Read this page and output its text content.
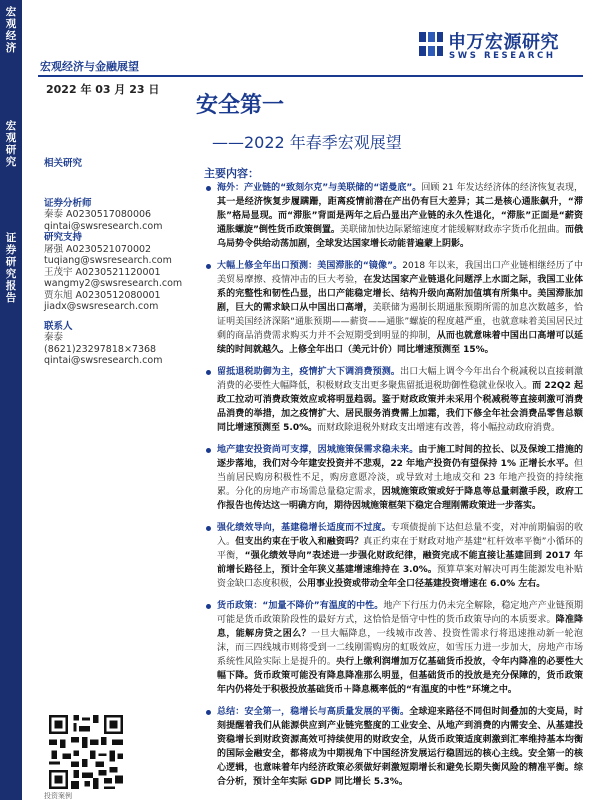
宏观经济
宏观研究
证券研究报告
申万宏源研究
SWS RESEARCH
宏观经济与金融展望
2022 年 03 月 23 日
安全第一
——2022 年春季宏观展望
相关研究
证券分析师
秦泰 A0230517080006
qintai@swsresearch.com
研究支持
屠强 A0230521070002
tuqiang@swsresearch.com
王茂宇 A0230521120001
wangmy2@swsresearch.com
贾东旭 A0230512080001
jiadx@swsresearch.com
联系人
秦泰
(8621)23297818×7368
qintai@swsresearch.com
主要内容：
海外：产业链的“致刻尔克”与美联储的“诺曼底”。回顾 21 年发达经济体的经济恢复表现，其一是经济恢复步履蹒跚，距离疫情前潜在产出仍有巨大差异；其二是核心通胀飙升，“滞胀”格局显现。而“滞胀”背面是两年之后凸显出产业链的永久性退化，“滞胀”正面是“薪资通胀螺旋”倒性货币政策倒置。美联储加快边际紧缩速度才能缓解财政赤字货币化扭曲。而俄乌局势令供给动荡加剧，全球发达国家增长动能普遍蒙上阴影。
大幅上修全年出口预测：美国滞胀的“镜像”。2018 年以来，我国出口产业链相继经历了中美贸易摩擦、疫情冲击的巨大考验，在发达国家产业链退化问题浮上水面之际，我国工业体系的完整性和韧性凸显，出口产能稳定增长、结构升级向高附加值填有所集中。美国滞胀加剧，巨大的需求缺口从中国出口高增，美联储为遏制长期通胀预期所需的加息次数越多，恰证明美国经济深陷“通胀预期——薪资——通胀”螺旋的程度越严重，也就意味着美国居民过剩的商品消费需求购买力并不会短期受到明显的抑制，从而也就意味着中国出口高增可以延续的时间就越久。上修全年出口（美元计价）同比增速预测至 15%。
留抵退税助御为主，疫情扩大下调消费预测。出口大幅上调令今年出台个税减税以直接刺激消费的必要性大幅降低，积极财政支出更多聚焦留抵退税助御性稳就业保收入。而 22Q2 起政工拉动可消费政策效应或将明显趋弱。鉴于财政政策并未采用个税减税等直接刺激可消费品消费的举措，加之疫情扩大、居民服务消费需上加霜，我们下修全年社会消费品零售总额同比增速预测至 5.0%。而财政除退税外财政支出增速有改善，将小幅拉动政府消费。
地产建安投资尚可支撑，因城施策保需求稳未来。由于施工时间的拉长、以及保竣工措施的逐步落地，我们对今年建安投资并不悲观，22 年地产投资仍有望保持 1% 正增长水平。但当前居民购房积极性不足，购房意愿冷淡，或导致对土地成交和 23 年地产投资的持续拖累。分化的房地产市场需总量稳定需求，因城施策政策或好于降息等总量刺激手段，政府工作报告也传达这一明确方向，期待因城施策框架下稳定合理刚需政策进一步落实。
强化绩效导向，基建稳增长适度而不过度。专项债提前下达但总量不变，对冲前期偏弱的收入。但支出约束在于收入和融资吗？真正约束在于财政对地产基建“杠杆效率平衡”小循环的平衡，“强化绩效导向”表述进一步强化财政纪律，融资完成不能直接让基建回到 2017 年前增长路径上，预计全年狭义基建增速维持在 3.0%。预算草案对解决可再生能源发电补贴资金缺口态度积极，公用事业投资或带动全年全口径基建投资增速在 6.0% 左右。
货币政策：“加量不降价”有温度的中性。地产下行压力仍未完全解除，稳定地产产业链预期可能是货币政策阶段性的最好方式，这恰恰是悟守中性的货币政策导向的本质要求。降准降息，能解房贷之困么？一旦大幅降息，一线城市改善、投资性需求行将迅速推动新一轮泡沫，而三四线城市则将受到一二线刚需购房的虹吸效应，如雪压力进一步加大，房地产市场系统性风险实际上是提升的。央行上缴利润增加万亿基础货币投放，令年内降准的必要性大幅下降。货币政策可能没有降息降准那么明显，但基础货币的投放是充分保障的，货币政策年内仍将处于积极投放基础货币＋降息概率低的“有温度的中性”环境之中。
总结：安全第一，稳增长与高质量发展的平衡。全球迎来路径不同但时间叠加的大变局，时刻提醒着我们从能源供应到产业链完整度的工业安全、从地产到消费的内需安全、从基建投资稳增长到财政资源高效可持续使用的财政安全，从货币政策适度刺激到汇率维持基本均衡的国际金融安全，都将成为中期视角下中国经济发展运行稳固远的核心主线。安全第一的核心逻辑，也意味着年内经济政策必须做好刺激短期增长和避免长期失衡风险的精准平衡。综合分析，预计全年实际 GDP 同比增长 5.3%。
投资案例
